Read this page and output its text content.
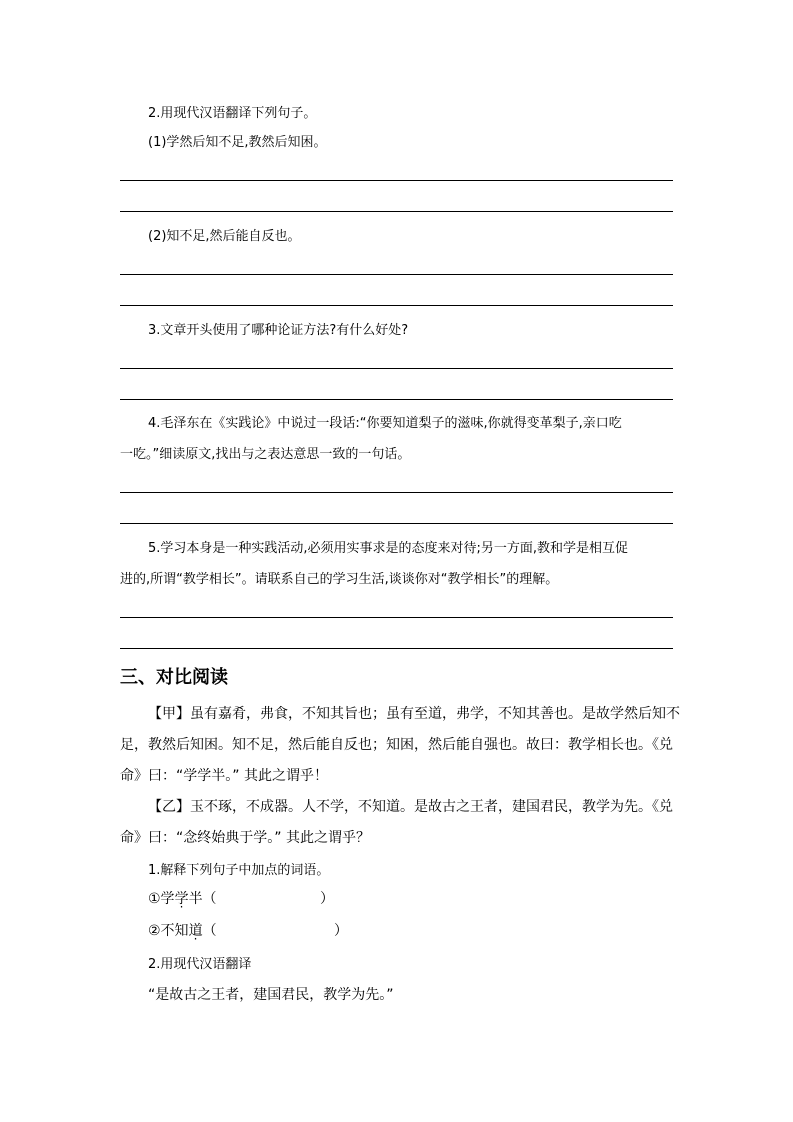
2.用现代汉语翻译下列句子。
(1)学然后知不足,教然后知困。
(2)知不足,然后能自反也。
3.文章开头使用了哪种论证方法?有什么好处?
4.毛泽东在《实践论》中说过一段话:“你要知道梨子的滋味,你就得变革梨子,亲口吃
一吃。”细读原文,找出与之表达意思一致的一句话。
5.学习本身是一种实践活动,必须用实事求是的态度来对待;另一方面,教和学是相互促
进的,所谓“教学相长”。请联系自己的学习生活,谈谈你对“教学相长”的理解。
三、对比阅读
【甲】虽有嘉肴，弗食，不知其旨也；虽有至道，弗学，不知其善也。是故学然后知不
足，教然后知困。知不足，然后能自反也；知困，然后能自强也。故曰：教学相长也。《兑
命》曰：“学学半。” 其此之谓乎！
【乙】玉不琢，不成器。人不学，不知道。是故古之王者，建国君民，教学为先。《兑
命》曰：“念终始典于学。” 其此之谓乎？
1.解释下列句子中加点的词语。
①学学半（	）
②不知道（	）
2.用现代汉语翻译
“是故古之王者，建国君民，教学为先。”
